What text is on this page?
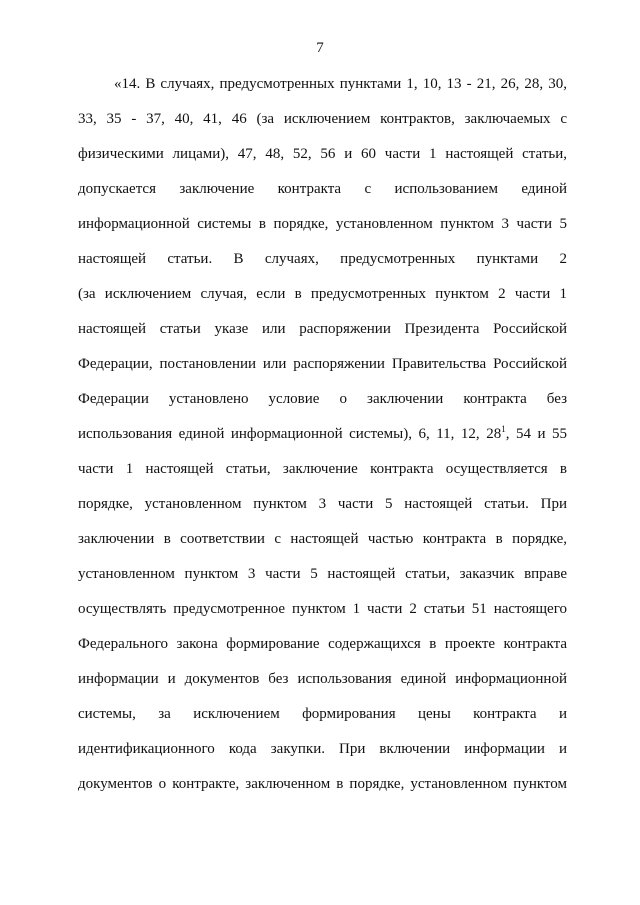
7
«14. В случаях, предусмотренных пунктами 1, 10, 13 - 21, 26, 28, 30,
33, 35 - 37, 40, 41, 46 (за исключением контрактов, заключаемых с
физическими лицами), 47, 48, 52, 56 и 60 части 1 настоящей статьи,
допускается заключение контракта с использованием единой
информационной системы в порядке, установленном пунктом 3 части 5
настоящей статьи. В случаях, предусмотренных пунктами 2
(за исключением случая, если в предусмотренных пунктом 2 части 1
настоящей статьи указе или распоряжении Президента Российской
Федерации, постановлении или распоряжении Правительства Российской
Федерации установлено условие о заключении контракта без
использования единой информационной системы), 6, 11, 12, $28^1$, 54 и 55
части 1 настоящей статьи, заключение контракта осуществляется в
порядке, установленном пунктом 3 части 5 настоящей статьи. При
заключении в соответствии с настоящей частью контракта в порядке,
установленном пунктом 3 части 5 настоящей статьи, заказчик вправе
осуществлять предусмотренное пунктом 1 части 2 статьи 51 настоящего
Федерального закона формирование содержащихся в проекте контракта
информации и документов без использования единой информационной
системы, за исключением формирования цены контракта и
идентификационного кода закупки. При включении информации и
документов о контракте, заключенном в порядке, установленном пунктом
